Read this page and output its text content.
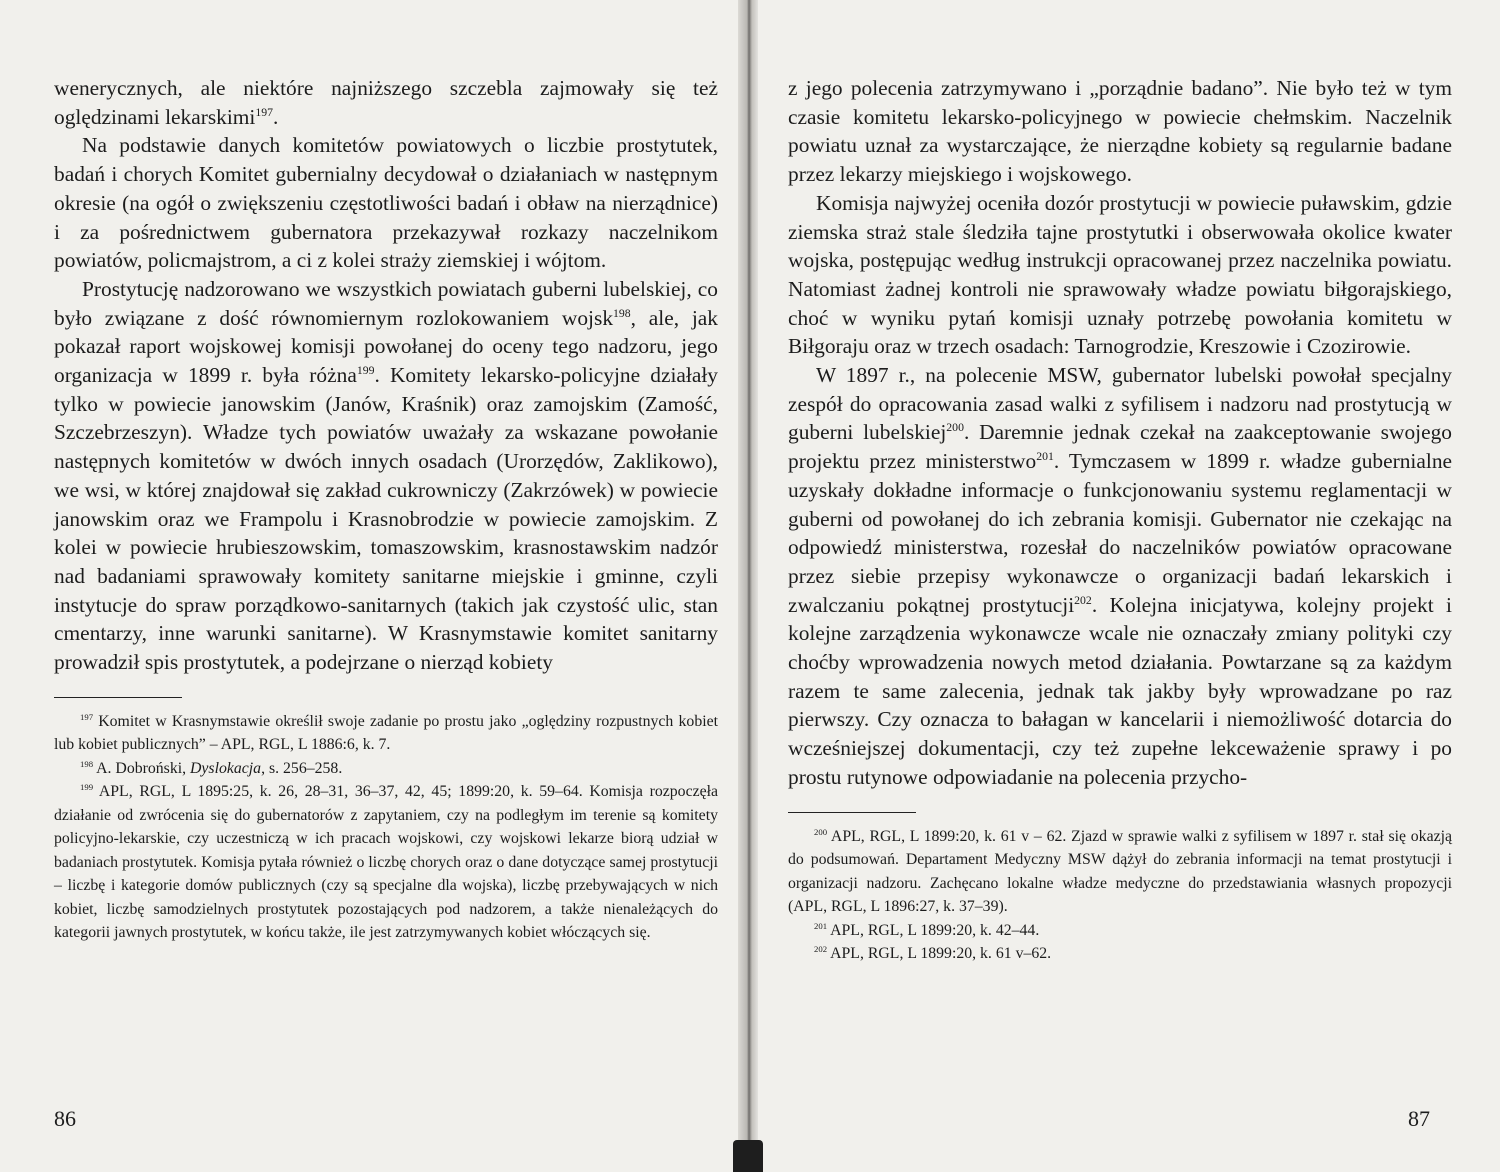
wenerycznych, ale niektóre najniższego szczebla zajmowały się też oględzinami lekarskimi$^{197}$.

Na podstawie danych komitetów powiatowych o liczbie prostytutek, badań i chorych Komitet gubernialny decydował o działaniach w następnym okresie (na ogół o zwiększeniu częstotliwości badań i obław na nierządnice) i za pośrednictwem gubernatora przekazywał rozkazy naczelnikom powiatów, policmajstrom, a ci z kolei straży ziemskiej i wójtom.

Prostytucję nadzorowano we wszystkich powiatach guberni lubelskiej, co było związane z dość równomiernym rozlokowaniem wojsk$^{198}$, ale, jak pokazał raport wojskowej komisji powołanej do oceny tego nadzoru, jego organizacja w 1899 r. była różna$^{199}$. Komitety lekarsko-policyjne działały tylko w powiecie janowskim (Janów, Kraśnik) oraz zamojskim (Zamość, Szczebrzeszyn). Władze tych powiatów uważały za wskazane powołanie następnych komitetów w dwóch innych osadach (Urorzędów, Zaklikowo), we wsi, w której znajdował się zakład cukrowniczy (Zakrzówek) w powiecie janowskim oraz we Frampolu i Krasnobrodzie w powiecie zamojskim. Z kolei w powiecie hrubieszowskim, tomaszowskim, krasnostawskim nadzór nad badaniami sprawowały komitety sanitarne miejskie i gminne, czyli instytucje do spraw porządkowo-sanitarnych (takich jak czystość ulic, stan cmentarzy, inne warunki sanitarne). W Krasnymstawie komitet sanitarny prowadził spis prostytutek, a podejrzane o nierząd kobiety

$^{197}$ Komitet w Krasnymstawie określił swoje zadanie po prostu jako „oględziny rozpustnych kobiet lub kobiet publicznych” – APL, RGL, L 1886:6, k. 7.

$^{198}$ A. Dobroński, Dyslokacja, s. 256–258.

$^{199}$ APL, RGL, L 1895:25, k. 26, 28–31, 36–37, 42, 45; 1899:20, k. 59–64. Komisja rozpoczęła działanie od zwrócenia się do gubernatorów z zapytaniem, czy na podległym im terenie są komitety policyjno-lekarskie, czy uczestniczą w ich pracach wojskowi, czy wojskowi lekarze biorą udział w badaniach prostytutek. Komisja pytała również o liczbę chorych oraz o dane dotyczące samej prostytucji – liczbę i kategorie domów publicznych (czy są specjalne dla wojska), liczbę przebywających w nich kobiet, liczbę samodzielnych prostytutek pozostających pod nadzorem, a także nienależących do kategorii jawnych prostytutek, w końcu także, ile jest zatrzymywanych kobiet włóczących się.

86

z jego polecenia zatrzymywano i „porządnie badano”. Nie było też w tym czasie komitetu lekarsko-policyjnego w powiecie chełmskim. Naczelnik powiatu uznał za wystarczające, że nierządne kobiety są regularnie badane przez lekarzy miejskiego i wojskowego.

Komisja najwyżej oceniła dozór prostytucji w powiecie puławskim, gdzie ziemska straż stale śledziła tajne prostytutki i obserwowała okolice kwater wojska, postępując według instrukcji opracowanej przez naczelnika powiatu. Natomiast żadnej kontroli nie sprawowały władze powiatu biłgorajskiego, choć w wyniku pytań komisji uznały potrzebę powołania komitetu w Biłgoraju oraz w trzech osadach: Tarnogrodzie, Kreszowie i Czozirowie.

W 1897 r., na polecenie MSW, gubernator lubelski powołał specjalny zespół do opracowania zasad walki z syfilisem i nadzoru nad prostytucją w guberni lubelskiej$^{200}$. Daremnie jednak czekał na zaakceptowanie swojego projektu przez ministerstwo$^{201}$. Tymczasem w 1899 r. władze gubernialne uzyskały dokładne informacje o funkcjonowaniu systemu reglamentacji w guberni od powołanej do ich zebrania komisji. Gubernator nie czekając na odpowiedź ministerstwa, rozesłał do naczelników powiatów opracowane przez siebie przepisy wykonawcze o organizacji badań lekarskich i zwalczaniu pokątnej prostytucji$^{202}$. Kolejna inicjatywa, kolejny projekt i kolejne zarządzenia wykonawcze wcale nie oznaczały zmiany polityki czy choćby wprowadzenia nowych metod działania. Powtarzane są za każdym razem te same zalecenia, jednak tak jakby były wprowadzane po raz pierwszy. Czy oznacza to bałagan w kancelarii i niemożliwość dotarcia do wcześniejszej dokumentacji, czy też zupełne lekceważenie sprawy i po prostu rutynowe odpowiadanie na polecenia przycho-

$^{200}$ APL, RGL, L 1899:20, k. 61 v – 62. Zjazd w sprawie walki z syfilisem w 1897 r. stał się okazją do podsumowań. Departament Medyczny MSW dążył do zebrania informacji na temat prostytucji i organizacji nadzoru. Zachęcano lokalne władze medyczne do przedstawiania własnych propozycji (APL, RGL, L 1896:27, k. 37–39).

$^{201}$ APL, RGL, L 1899:20, k. 42–44.

$^{202}$ APL, RGL, L 1899:20, k. 61 v–62.

87
